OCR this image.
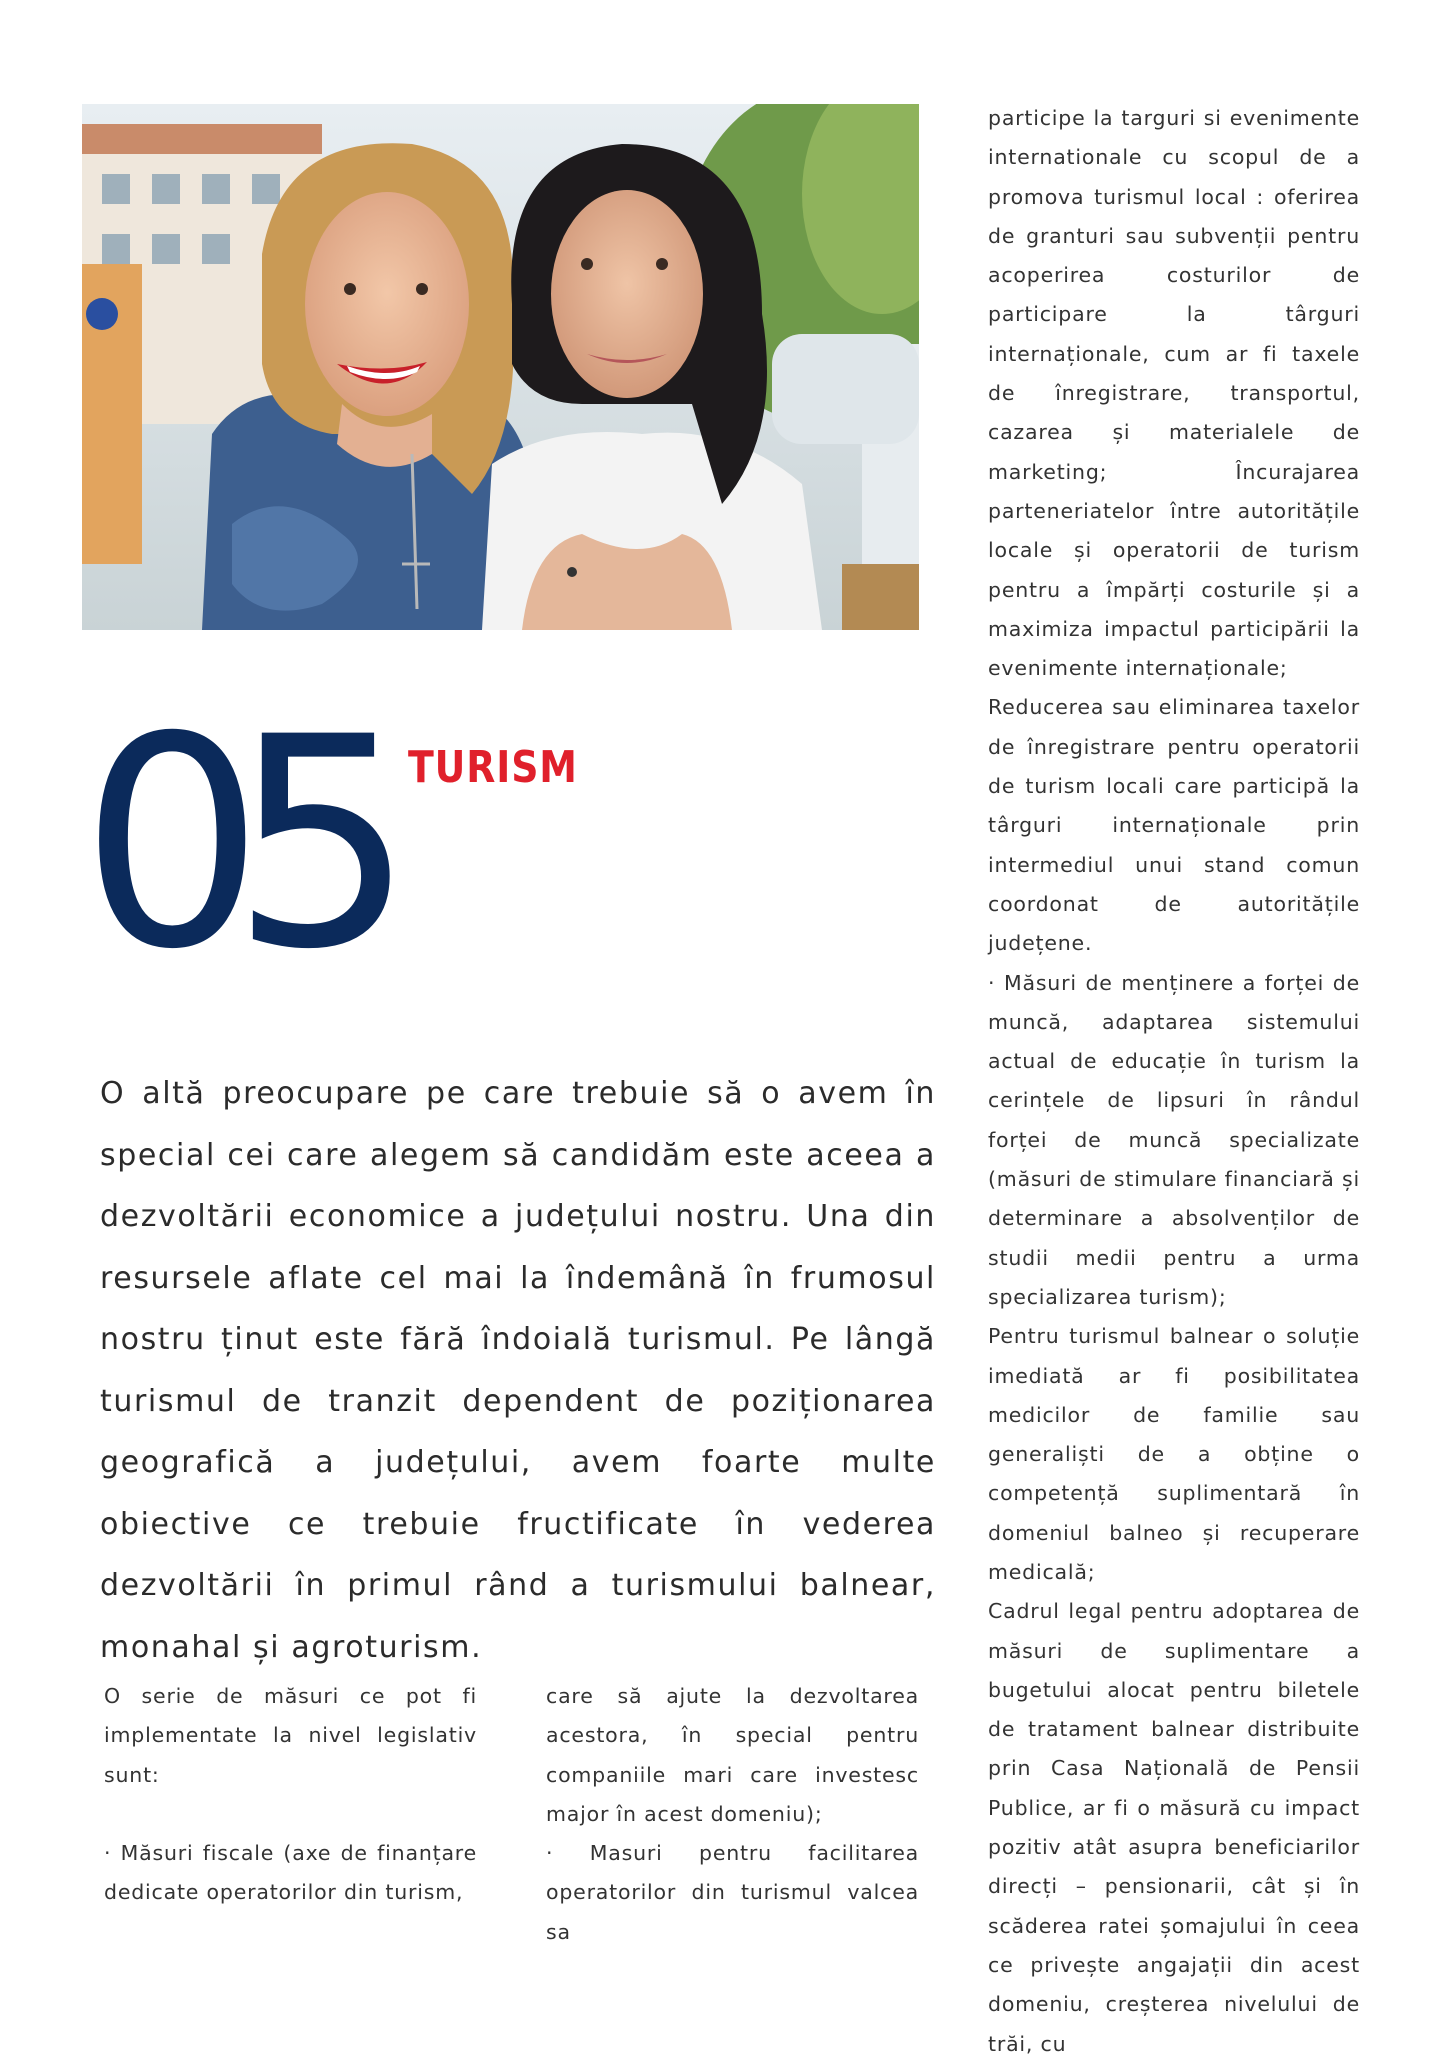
05 TURISM

O altă preocupare pe care trebuie să o avem în special cei care alegem să candidăm este aceea a dezvoltării economice a județului nostru. Una din resursele aflate cel mai la îndemână în frumosul nostru ținut este fără îndoială turismul. Pe lângă turismul de tranzit dependent de poziționarea geografică a județului, avem foarte multe obiective ce trebuie fructificate în vederea dezvoltării în primul rând a turismului balnear, monahal și agroturism.

O serie de măsuri ce pot fi implementate la nivel legislativ sunt:

· Măsuri fiscale (axe de finanțare dedicate operatorilor din turism,

care să ajute la dezvoltarea acestora, în special pentru companiile mari care investesc major în acest domeniu);

· Masuri pentru facilitarea operatorilor din turismul valcea sa

participe la targuri si evenimente internationale cu scopul de a promova turismul local : oferirea de granturi sau subvenții pentru acoperirea costurilor de participare la târguri internaționale, cum ar fi taxele de înregistrare, transportul, cazarea și materialele de marketing; Încurajarea parteneriatelor între autoritățile locale și operatorii de turism pentru a împărți costurile și a maximiza impactul participării la evenimente internaționale;

Reducerea sau eliminarea taxelor de înregistrare pentru operatorii de turism locali care participă la târguri internaționale prin intermediul unui stand comun coordonat de autoritățile județene.

· Măsuri de menținere a forței de muncă, adaptarea sistemului actual de educație în turism la cerințele de lipsuri în rândul forței de muncă specializate (măsuri de stimulare financiară și determinare a absolvenților de studii medii pentru a urma specializarea turism);

Pentru turismul balnear o soluție imediată ar fi posibilitatea medicilor de familie sau generaliști de a obține o competență suplimentară în domeniul balneo și recuperare medicală;

Cadrul legal pentru adoptarea de măsuri de suplimentare a bugetului alocat pentru biletele de tratament balnear distribuite prin Casa Națională de Pensii Publice, ar fi o măsură cu impact pozitiv atât asupra beneficiarilor direcți – pensionarii, cât și în scăderea ratei șomajului în ceea ce privește angajații din acest domeniu, creșterea nivelului de trăi, cu
